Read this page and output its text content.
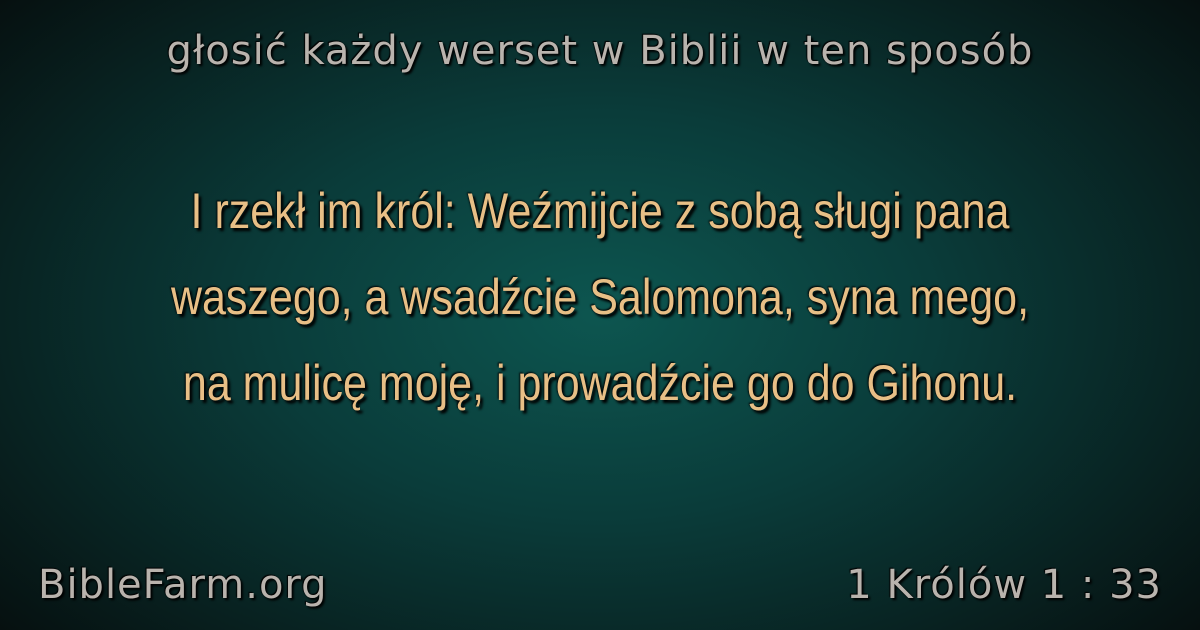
głosić każdy werset w Biblii w ten sposób
I rzekł im król: Weźmijcie z sobą sługi pana
waszego, a wsadźcie Salomona, syna mego,
na mulicę moję, i prowadźcie go do Gihonu.
BibleFarm.org	1 Królów 1 : 33
